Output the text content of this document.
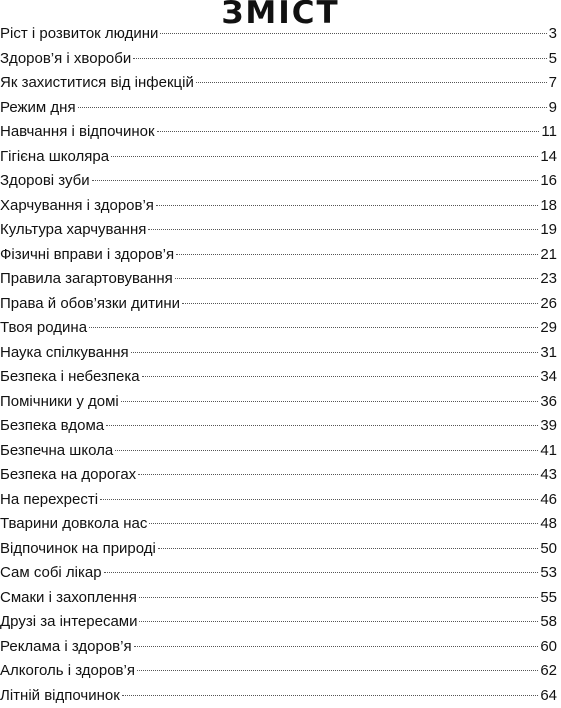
ЗМІСТ
Ріст і розвиток людини	3
Здоров’я і хвороби	5
Як захиститися від інфекцій	7
Режим дня	9
Навчання і відпочинок	11
Гігієна школяра	14
Здорові зуби	16
Харчування і здоров’я	18
Культура харчування	19
Фізичні вправи і здоров’я	21
Правила загартовування	23
Права й обов’язки дитини	26
Твоя родина	29
Наука спілкування	31
Безпека і небезпека	34
Помічники у домі	36
Безпека вдома	39
Безпечна школа	41
Безпека на дорогах	43
На перехресті	46
Тварини довкола нас	48
Відпочинок на природі	50
Сам собі лікар	53
Смаки і захоплення	55
Друзі за інтересами	58
Реклама і здоров’я	60
Алкоголь і здоров’я	62
Літній відпочинок	64
